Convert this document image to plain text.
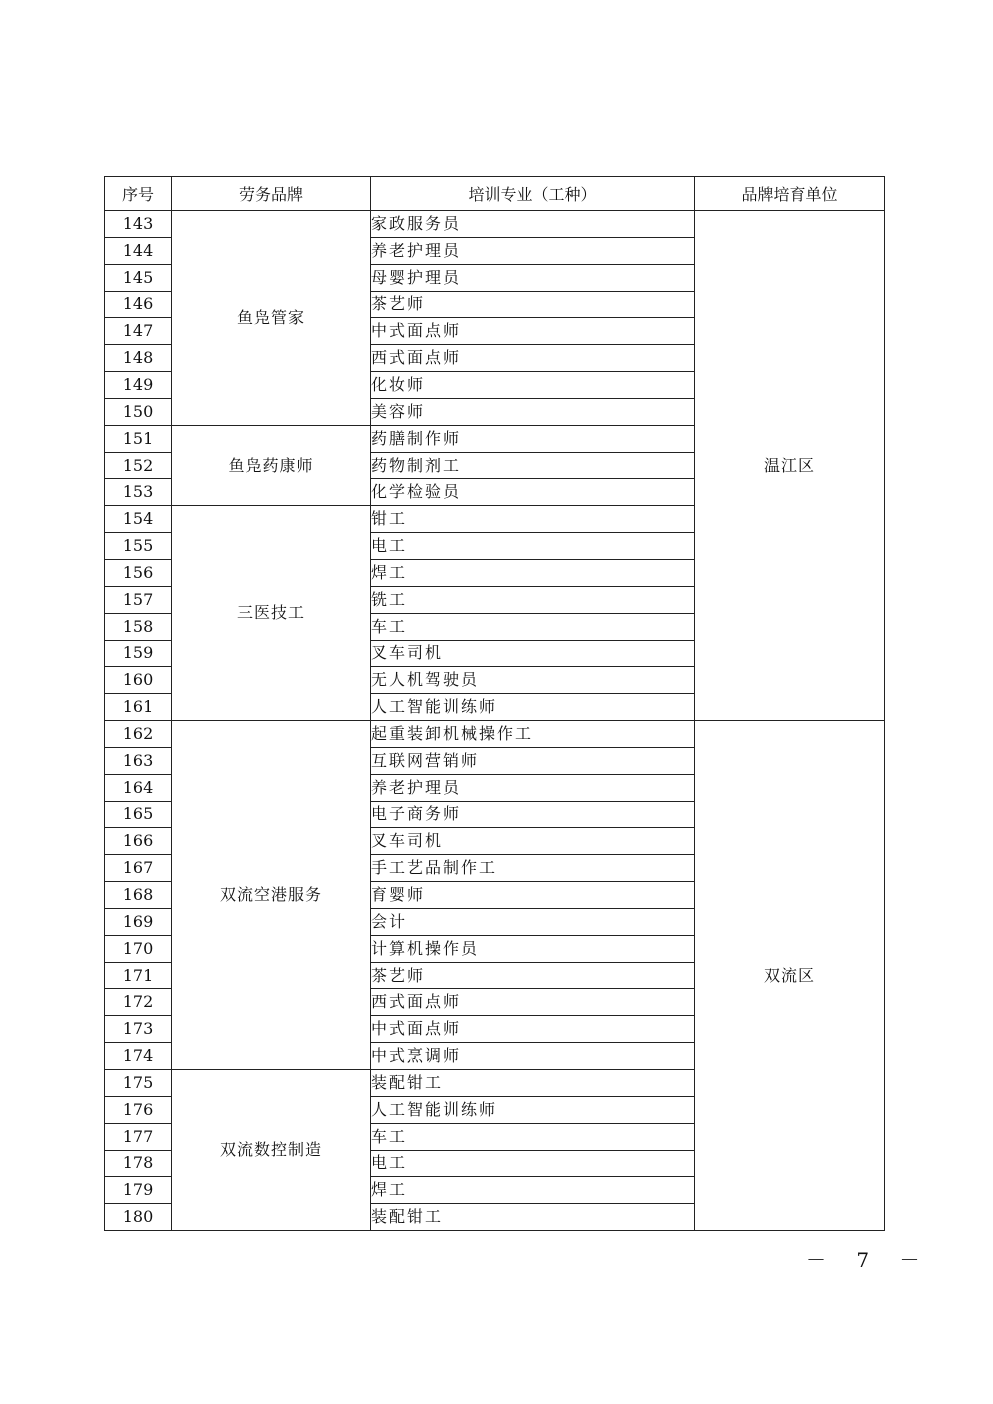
序号	劳务品牌	培训专业（工种）	品牌培育单位
143	鱼凫管家	家政服务员	温江区
144		养老护理员	
145		母婴护理员	
146		茶艺师	
147		中式面点师	
148		西式面点师	
149		化妆师	
150		美容师	
151	鱼凫药康师	药膳制作师	
152		药物制剂工	
153		化学检验员	
154	三医技工	钳工	
155		电工	
156		焊工	
157		铣工	
158		车工	
159		叉车司机	
160		无人机驾驶员	
161		人工智能训练师	
162	双流空港服务	起重装卸机械操作工	双流区
163		互联网营销师	
164		养老护理员	
165		电子商务师	
166		叉车司机	
167		手工艺品制作工	
168		育婴师	
169		会计	
170		计算机操作员	
171		茶艺师	
172		西式面点师	
173		中式面点师	
174		中式烹调师	
175	双流数控制造	装配钳工	
176		人工智能训练师	
177		车工	
178		电工	
179		焊工	
180		装配钳工	
－ 7 －
